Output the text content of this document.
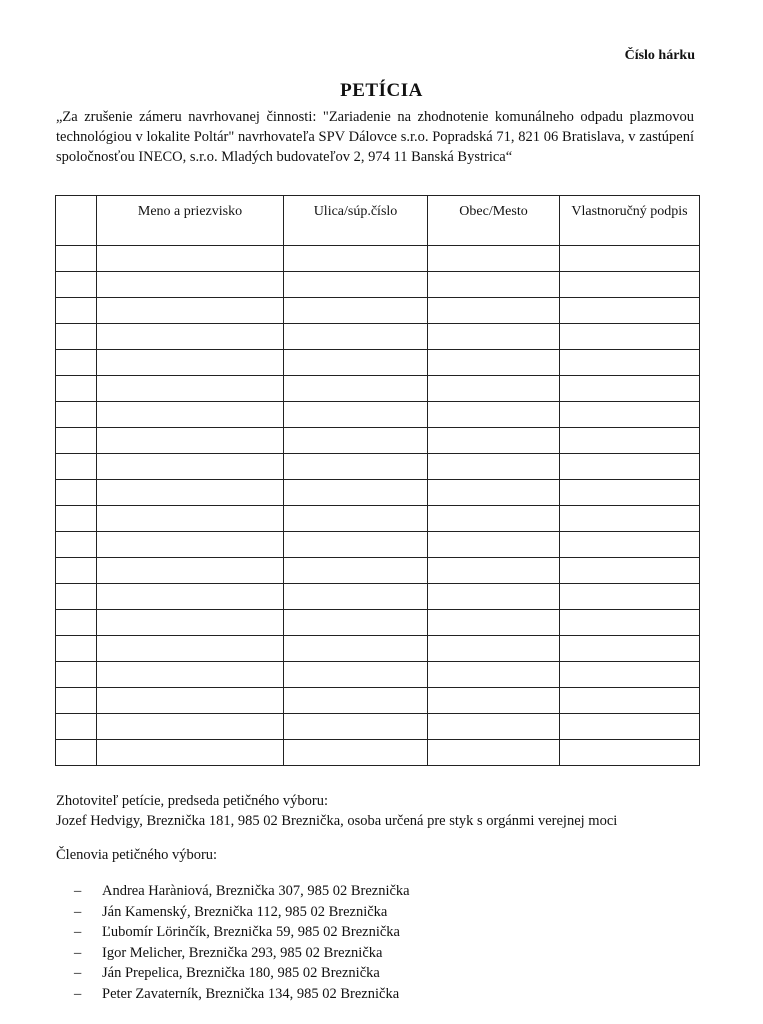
Číslo hárku
PETÍCIA
„Za zrušenie zámeru navrhovanej činnosti: "Zariadenie na zhodnotenie komunálneho odpadu plazmovou technológiou v lokalite Poltár" navrhovateľa SPV Dálovce s.r.o. Popradská 71, 821 06 Bratislava, v zastúpení spoločnosťou INECO, s.r.o. Mladých budovateľov 2, 974 11 Banská Bystrica“
	Meno a priezvisko	Ulica/súp.číslo	Obec/Mesto	Vlastnoručný podpis

Zhotoviteľ petície, predseda petičného výboru:
Jozef Hedvigy, Breznička 181, 985 02 Breznička, osoba určená pre styk s orgánmi verejnej moci
Členovia petičného výboru:
–	Andrea Haràniová, Breznička 307, 985 02 Breznička
–	Ján Kamenský, Breznička 112, 985 02 Breznička
–	Ľubomír Lörinčík, Breznička 59, 985 02 Breznička
–	Igor Melicher, Breznička 293, 985 02 Breznička
–	Ján Prepelica, Breznička 180, 985 02 Breznička
–	Peter Zavaterník, Breznička 134, 985 02 Breznička
